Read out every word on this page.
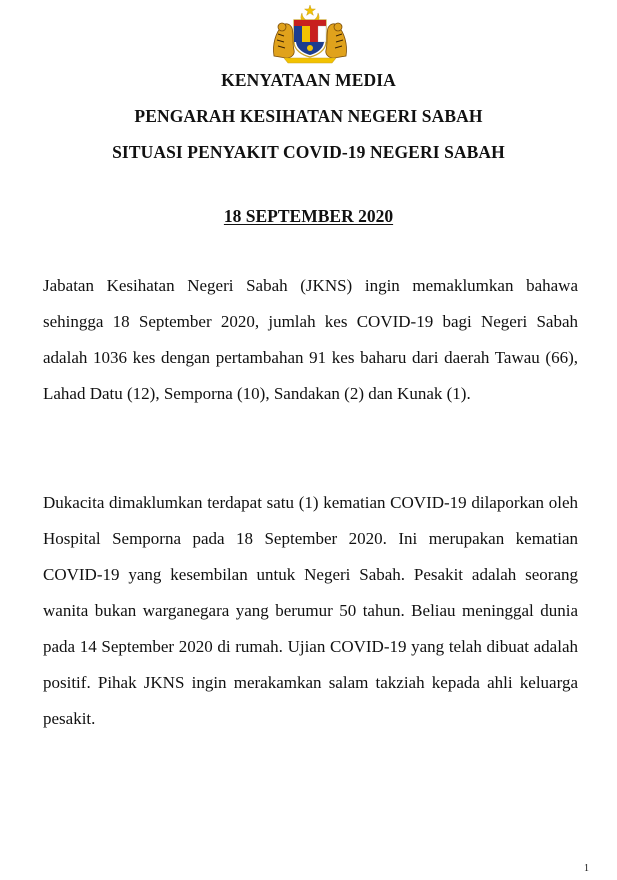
KENYATAAN MEDIA
PENGARAH KESIHATAN NEGERI SABAH
SITUASI PENYAKIT COVID-19 NEGERI SABAH
18 SEPTEMBER 2020

Jabatan Kesihatan Negeri Sabah (JKNS) ingin memaklumkan bahawa sehingga 18 September 2020, jumlah kes COVID-19 bagi Negeri Sabah adalah 1036 kes dengan pertambahan 91 kes baharu dari daerah Tawau (66), Lahad Datu (12), Semporna (10), Sandakan (2) dan Kunak (1).

Dukacita dimaklumkan terdapat satu (1) kematian COVID-19 dilaporkan oleh Hospital Semporna pada 18 September 2020. Ini merupakan kematian COVID-19 yang kesembilan untuk Negeri Sabah. Pesakit adalah seorang wanita bukan warganegara yang berumur 50 tahun. Beliau meninggal dunia pada 14 September 2020 di rumah. Ujian COVID-19 yang telah dibuat adalah positif. Pihak JKNS ingin merakamkan salam takziah kepada ahli keluarga pesakit.

1
